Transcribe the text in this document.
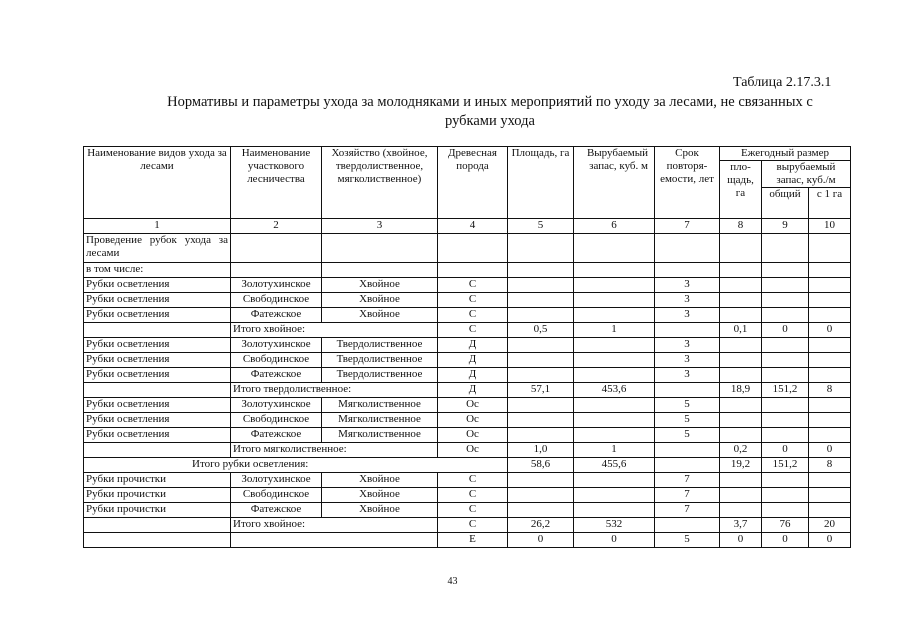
Таблица 2.17.3.1
Нормативы и параметры ухода за молодняками и иных мероприятий по уходу за лесами, не связанных с
рубками ухода
Наименование видов ухода за лесами	Наименование участкового лесничества	Хозяйство (хвойное, твердолиственное, мягколиственное)	Древесная порода	Площадь, га	Вырубаемый запас, куб. м	Срок повторя-емости, лет	Ежегодный размер		
							пло-щадь, га	вырубаемый запас, куб./м	
								общий	с 1 га
1	2	3	4	5	6	7	8	9	10
Проведение рубок ухода за лесами									
в том числе:									
Рубки осветления	Золотухинское	Хвойное	С			3			
Рубки осветления	Свободинское	Хвойное	С			3			
Рубки осветления	Фатежское	Хвойное	С			3			
	Итого хвойное:		С	0,5	1		0,1	0	0
Рубки осветления	Золотухинское	Твердолиственное	Д			3			
Рубки осветления	Свободинское	Твердолиственное	Д			3			
Рубки осветления	Фатежское	Твердолиственное	Д			3			
	Итого твердолиственное:		Д	57,1	453,6		18,9	151,2	8
Рубки осветления	Золотухинское	Мягколиственное	Ос			5			
Рубки осветления	Свободинское	Мягколиственное	Ос			5			
Рубки осветления	Фатежское	Мягколиственное	Ос			5			
	Итого мягколиственное:		Ос	1,0	1		0,2	0	0
Итого рубки осветления:				58,6	455,6		19,2	151,2	8
Рубки прочистки	Золотухинское	Хвойное	С			7			
Рубки прочистки	Свободинское	Хвойное	С			7			
Рубки прочистки	Фатежское	Хвойное	С			7			
	Итого хвойное:		С	26,2	532		3,7	76	20
			Е	0	0	5	0	0	0
43
